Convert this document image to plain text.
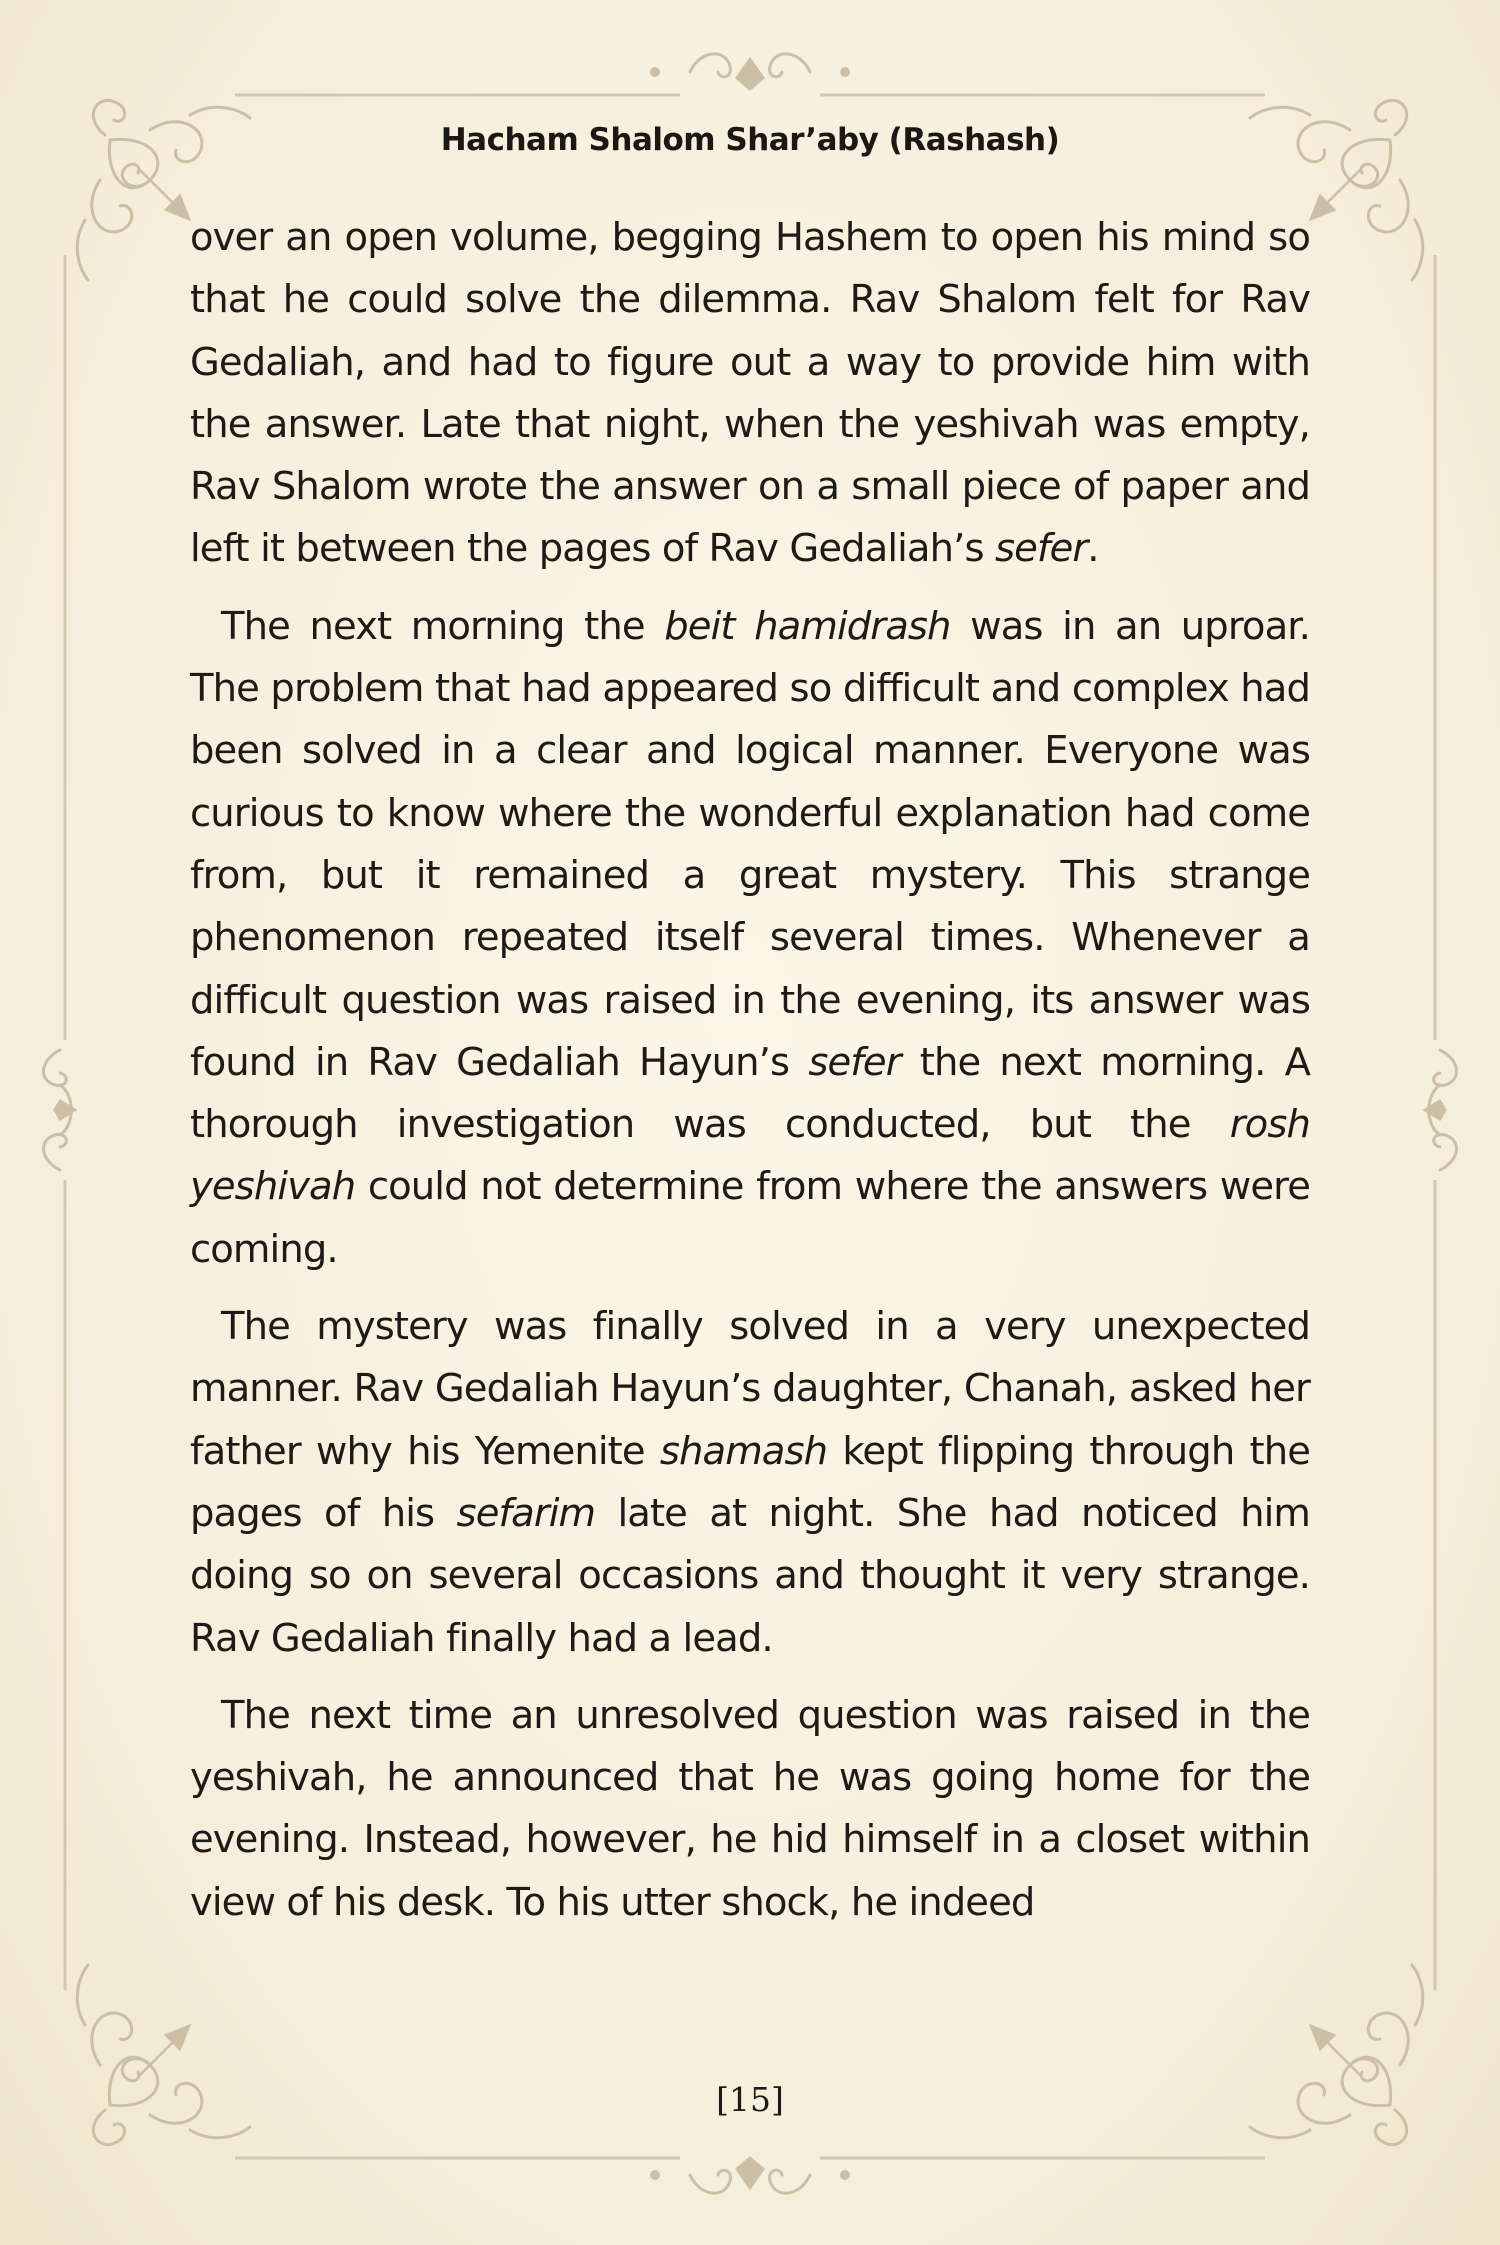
Hacham Shalom Shar’aby (Rashash)

over an open volume, begging Hashem to open his mind so that he could solve the dilemma. Rav Shalom felt for Rav Gedaliah, and had to figure out a way to provide him with the answer. Late that night, when the yeshivah was empty, Rav Shalom wrote the answer on a small piece of paper and left it between the pages of Rav Gedaliah’s sefer.

The next morning the beit hamidrash was in an uproar. The problem that had appeared so difficult and complex had been solved in a clear and logical manner. Everyone was curious to know where the wonderful explanation had come from, but it remained a great mystery. This strange phenomenon repeated itself several times. Whenever a difficult question was raised in the evening, its answer was found in Rav Gedaliah Hayun’s sefer the next morning. A thorough investigation was conducted, but the rosh yeshivah could not determine from where the answers were coming.

The mystery was finally solved in a very unexpected manner. Rav Gedaliah Hayun’s daughter, Chanah, asked her father why his Yemenite shamash kept flipping through the pages of his sefarim late at night. She had noticed him doing so on several occasions and thought it very strange. Rav Gedaliah finally had a lead.

The next time an unresolved question was raised in the yeshivah, he announced that he was going home for the evening. Instead, however, he hid himself in a closet within view of his desk. To his utter shock, he indeed

[15]
